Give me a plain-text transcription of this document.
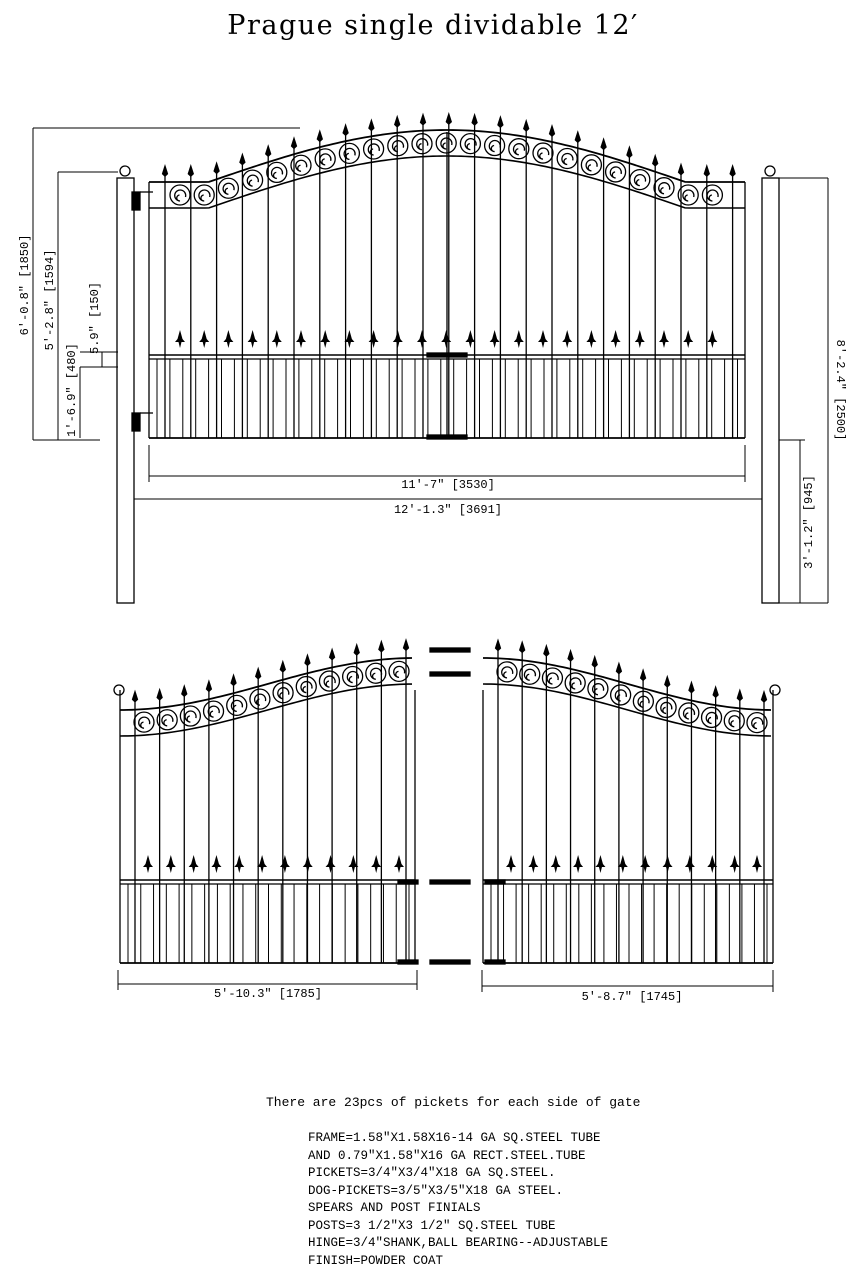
Prague single dividable 12′
6′-0.8" [1850] 5′-2.8" [1594]	5.9" [150]
1′-6.9" [480]	8′-2.4" [2500]
3′-1.2" [945]
11′-7" [3530]
12′-1.3" [3691]
5′-10.3" [1785]	5′-8.7" [1745]
There are 23pcs of pickets for each side of gate
FRAME=1.58"X1.58X16-14 GA SQ.STEEL TUBE
AND 0.79"X1.58"X16 GA RECT.STEEL.TUBE
PICKETS=3/4"X3/4"X18 GA SQ.STEEL.
DOG-PICKETS=3/5"X3/5"X18 GA STEEL.
SPEARS AND POST FINIALS
POSTS=3 1/2"X3 1/2" SQ.STEEL TUBE
HINGE=3/4"SHANK,BALL BEARING--ADJUSTABLE
FINISH=POWDER COAT
